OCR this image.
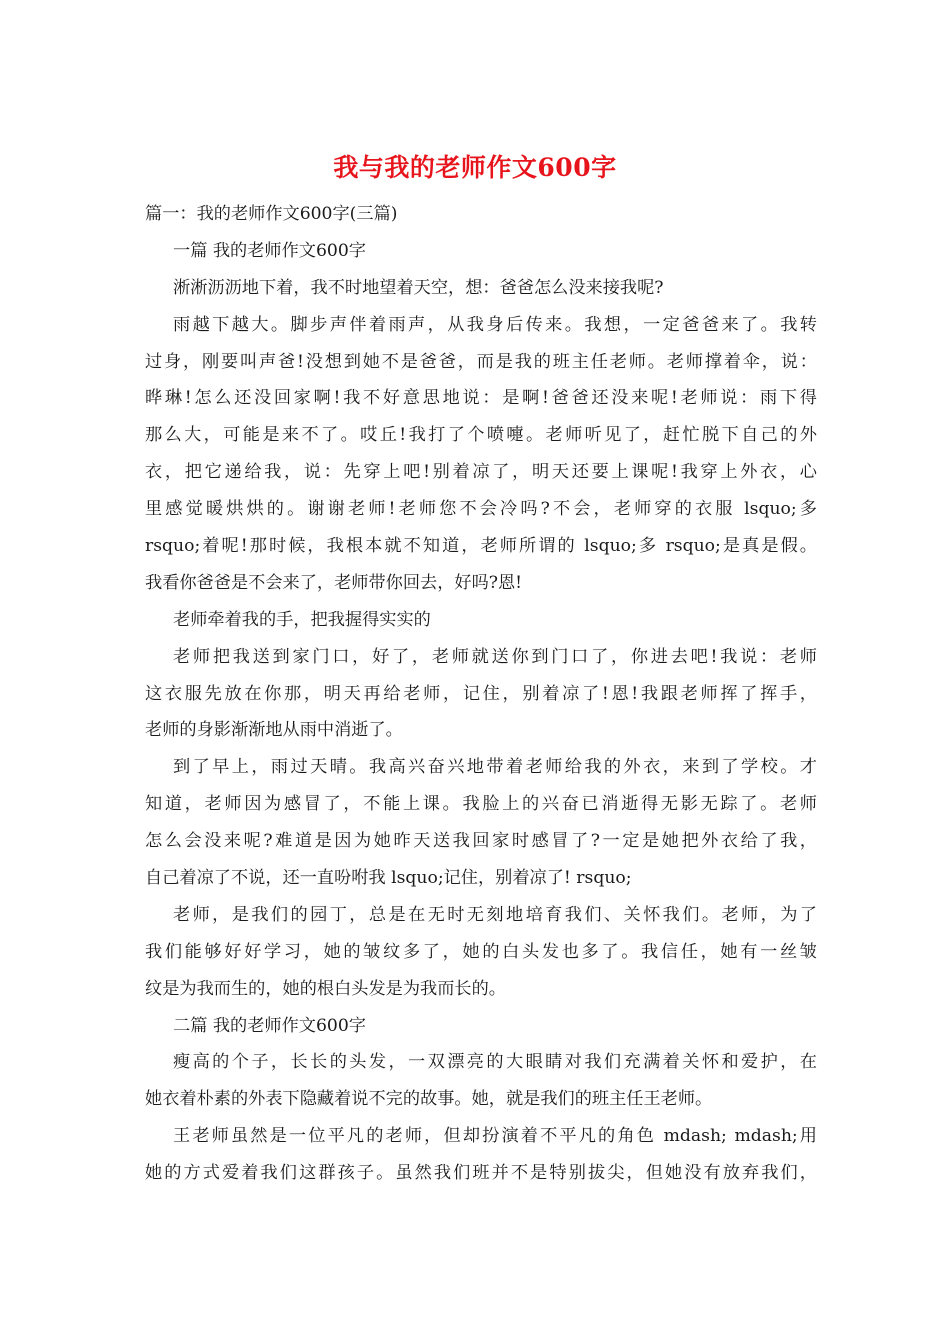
我与我的老师作文600字

篇一：我的老师作文600字(三篇)

一篇 我的老师作文600字

淅淅沥沥地下着，我不时地望着天空，想：爸爸怎么没来接我呢?

雨越下越大。脚步声伴着雨声，从我身后传来。我想，一定爸爸来了。我转

过身，刚要叫声爸!没想到她不是爸爸，而是我的班主任老师。老师撑着伞，说：

晔琳!怎么还没回家啊!我不好意思地说：是啊!爸爸还没来呢!老师说：雨下得

那么大，可能是来不了。哎丘!我打了个喷嚏。老师听见了，赶忙脱下自己的外

衣，把它递给我，说：先穿上吧!别着凉了，明天还要上课呢!我穿上外衣，心

里感觉暖烘烘的。谢谢老师!老师您不会冷吗?不会，老师穿的衣服 lsquo;多

rsquo;着呢!那时候，我根本就不知道，老师所谓的 lsquo;多 rsquo;是真是假。

我看你爸爸是不会来了，老师带你回去，好吗?恩!

老师牵着我的手，把我握得实实的

老师把我送到家门口，好了，老师就送你到门口了，你进去吧!我说：老师

这衣服先放在你那，明天再给老师，记住，别着凉了!恩!我跟老师挥了挥手，

老师的身影渐渐地从雨中消逝了。

到了早上，雨过天晴。我高兴奋兴地带着老师给我的外衣，来到了学校。才

知道，老师因为感冒了，不能上课。我脸上的兴奋已消逝得无影无踪了。老师

怎么会没来呢?难道是因为她昨天送我回家时感冒了?一定是她把外衣给了我，

自己着凉了不说，还一直吩咐我 lsquo;记住，别着凉了! rsquo;

老师，是我们的园丁，总是在无时无刻地培育我们、关怀我们。老师，为了

我们能够好好学习，她的皱纹多了，她的白头发也多了。我信任，她有一丝皱

纹是为我而生的，她的根白头发是为我而长的。

二篇 我的老师作文600字

瘦高的个子，长长的头发，一双漂亮的大眼睛对我们充满着关怀和爱护，在

她衣着朴素的外表下隐藏着说不完的故事。她，就是我们的班主任王老师。

王老师虽然是一位平凡的老师，但却扮演着不平凡的角色 mdash; mdash;用

她的方式爱着我们这群孩子。虽然我们班并不是特别拔尖，但她没有放弃我们，
